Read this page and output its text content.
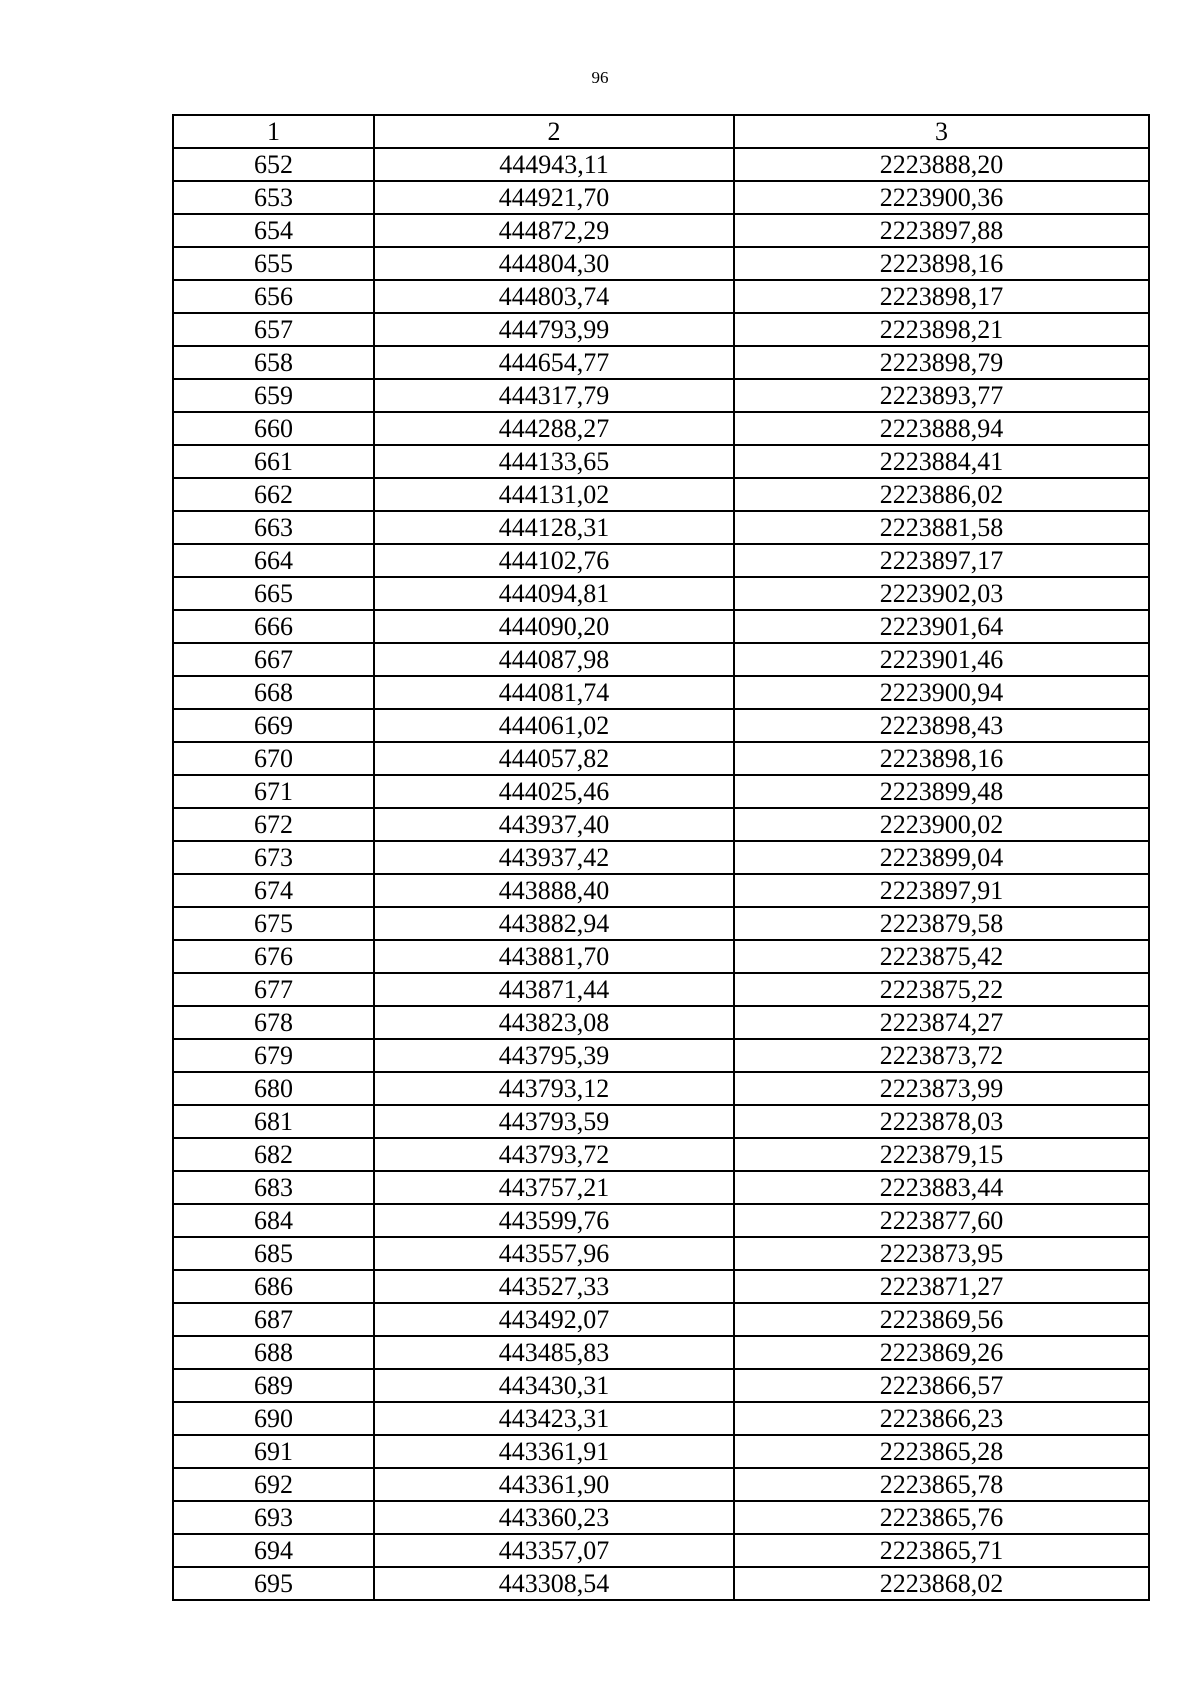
96
1	2	3
652	444943,11	2223888,20
653	444921,70	2223900,36
654	444872,29	2223897,88
655	444804,30	2223898,16
656	444803,74	2223898,17
657	444793,99	2223898,21
658	444654,77	2223898,79
659	444317,79	2223893,77
660	444288,27	2223888,94
661	444133,65	2223884,41
662	444131,02	2223886,02
663	444128,31	2223881,58
664	444102,76	2223897,17
665	444094,81	2223902,03
666	444090,20	2223901,64
667	444087,98	2223901,46
668	444081,74	2223900,94
669	444061,02	2223898,43
670	444057,82	2223898,16
671	444025,46	2223899,48
672	443937,40	2223900,02
673	443937,42	2223899,04
674	443888,40	2223897,91
675	443882,94	2223879,58
676	443881,70	2223875,42
677	443871,44	2223875,22
678	443823,08	2223874,27
679	443795,39	2223873,72
680	443793,12	2223873,99
681	443793,59	2223878,03
682	443793,72	2223879,15
683	443757,21	2223883,44
684	443599,76	2223877,60
685	443557,96	2223873,95
686	443527,33	2223871,27
687	443492,07	2223869,56
688	443485,83	2223869,26
689	443430,31	2223866,57
690	443423,31	2223866,23
691	443361,91	2223865,28
692	443361,90	2223865,78
693	443360,23	2223865,76
694	443357,07	2223865,71
695	443308,54	2223868,02
